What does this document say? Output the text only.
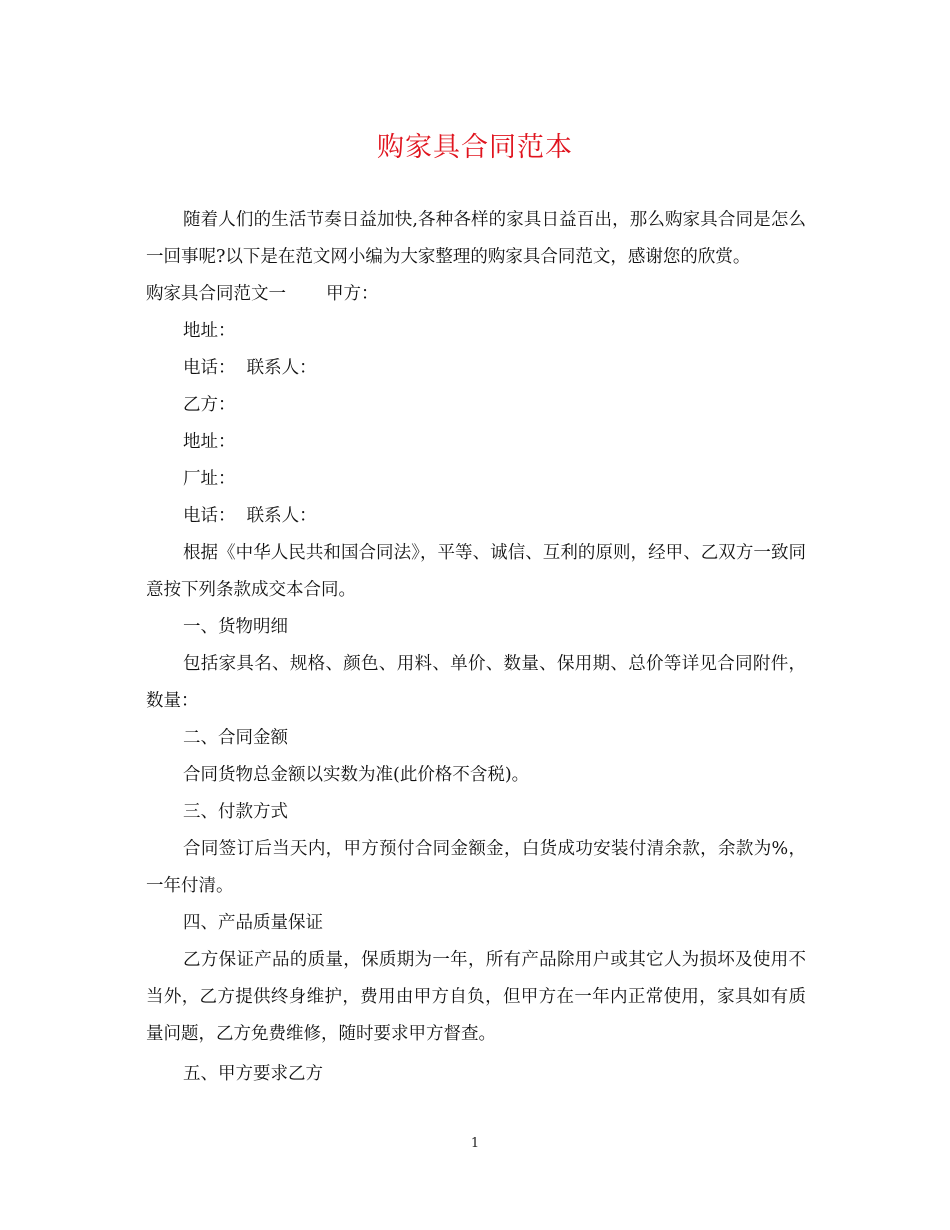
购家具合同范本

随着人们的生活节奏日益加快,各种各样的家具日益百出，那么购家具合同是怎么一回事呢?以下是在范文网小编为大家整理的购家具合同范文，感谢您的欣赏。

购家具合同范文一 甲方：

地址：

电话：  联系人：

乙方：

地址：

厂址：

电话：  联系人：

根据《中华人民共和国合同法》，平等、诚信、互利的原则，经甲、乙双方一致同意按下列条款成交本合同。

一、货物明细

包括家具名、规格、颜色、用料、单价、数量、保用期、总价等详见合同附件，数量：

二、合同金额

合同货物总金额以实数为准(此价格不含税)。

三、付款方式

合同签订后当天内，甲方预付合同金额金，白货成功安装付清余款，余款为%，一年付清。

四、产品质量保证

乙方保证产品的质量，保质期为一年，所有产品除用户或其它人为损坏及使用不当外，乙方提供终身维护，费用由甲方自负，但甲方在一年内正常使用，家具如有质量问题，乙方免费维修，随时要求甲方督查。

五、甲方要求乙方

1
